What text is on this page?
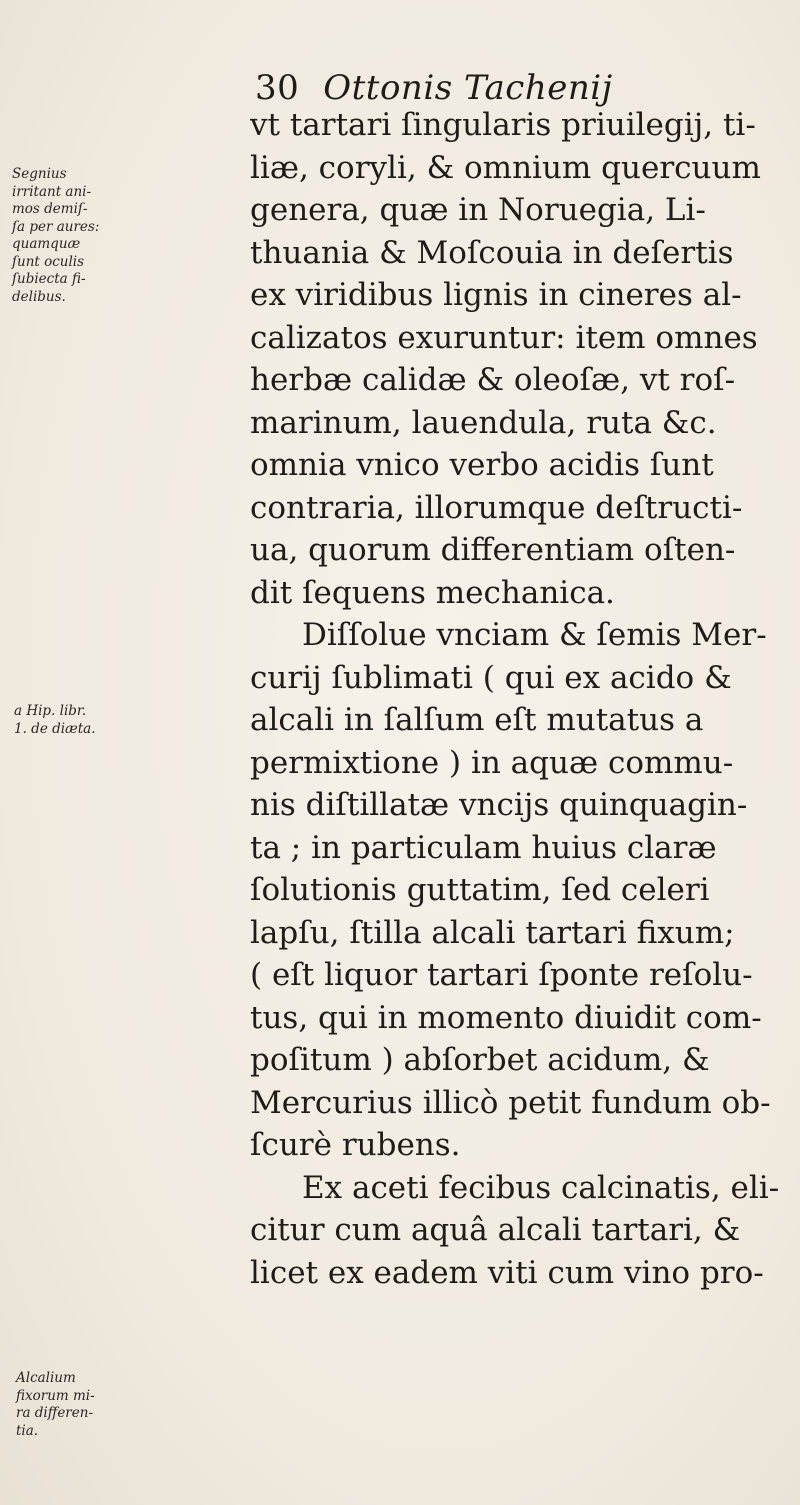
30 Ottonis Tachenij
vt tartari ſingularis priuilegij, ti-
liæ, coryli, & omnium quercuum
genera, quæ in Noruegia, Li-
thuania & Moſcouia in deſertis
ex viridibus lignis in cineres al-
calizatos exuruntur: item omnes
herbæ calidæ & oleoſæ, vt roſ-
marinum, lauendula, ruta &c.
omnia vnico verbo acidis ſunt
contraria, illorumque deſtructi-
ua, quorum differentiam oſten-
dit ſequens mechanica.
Diſſolue vnciam & ſemis Mer-
curij ſublimati ( qui ex acido &
alcali in ſalſum eſt mutatus a
permixtione ) in aquæ commu-
nis diſtillatæ vncijs quinquagin-
ta ; in particulam huius claræ
ſolutionis guttatim, ſed celeri
lapſu, ſtilla alcali tartari fixum;
( eſt liquor tartari ſponte reſolu-
tus, qui in momento diuidit com-
poſitum ) abſorbet acidum, &
Mercurius illicò petit fundum ob-
ſcurè rubens.
Ex aceti fecibus calcinatis, eli-
citur cum aquâ alcali tartari, &
licet ex eadem viti cum vino pro-
Segnius
irritant ani-
mos demiſ-
ſa per aures:
quamquæ
ſunt oculis
ſubiecta fi-
delibus.
a Hip. libr.
1. de diæta.
Alcalium
fixorum mi-
ra differen-
tia.
